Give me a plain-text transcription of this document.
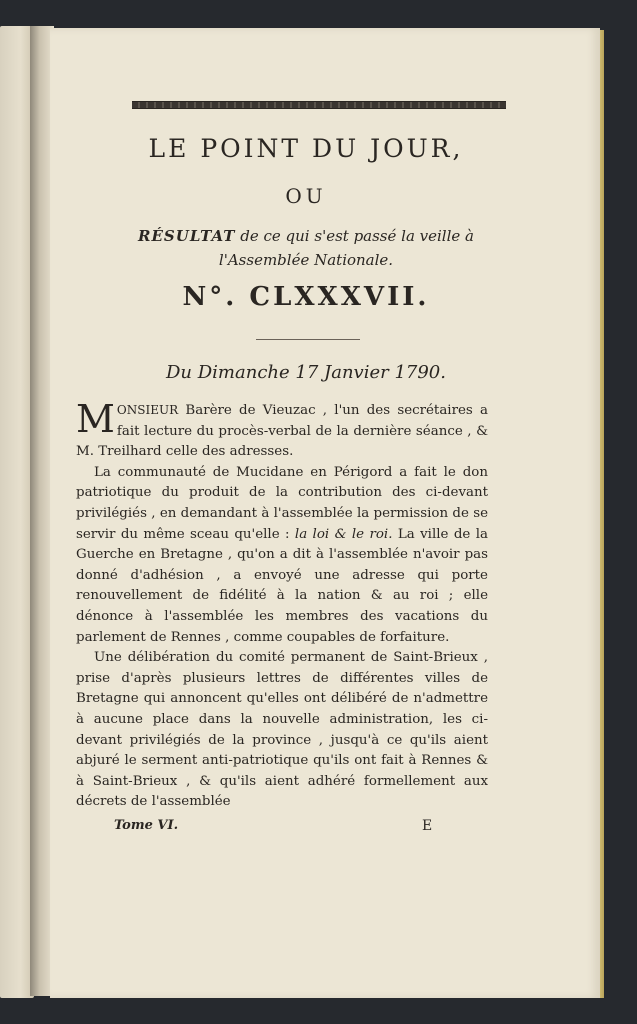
LE POINT DU JOUR,
OU
RÉSULTAT de ce qui s'est passé la veille à l'Assemblée Nationale.
N°. CLXXXVII.
Du Dimanche 17 Janvier 1790.

MONSIEUR Barère de Vieuzac , l'un des secrétaires a fait lecture du procès-verbal de la dernière séance , & M. Treilhard celle des adresses.

La communauté de Mucidane en Périgord a fait le don patriotique du produit de la contribution des ci-devant privilégiés , en demandant à l'assemblée la permission de se servir du même sceau qu'elle : la loi & le roi. La ville de la Guerche en Bretagne , qu'on a dit à l'assemblée n'avoir pas donné d'adhésion , a envoyé une adresse qui porte renouvellement de fidélité à la nation & au roi ; elle dénonce à l'assemblée les membres des vacations du parlement de Rennes , comme coupables de forfaiture.

Une délibération du comité permanent de Saint-Brieux , prise d'après plusieurs lettres de différentes villes de Bretagne qui annoncent qu'elles ont délibéré de n'admettre à aucune place dans la nouvelle administration, les ci-devant privilégiés de la province , jusqu'à ce qu'ils aient abjuré le serment anti-patriotique qu'ils ont fait à Rennes & à Saint-Brieux , & qu'ils aient adhéré formellement aux décrets de l'assemblée

Tome VI.	E
